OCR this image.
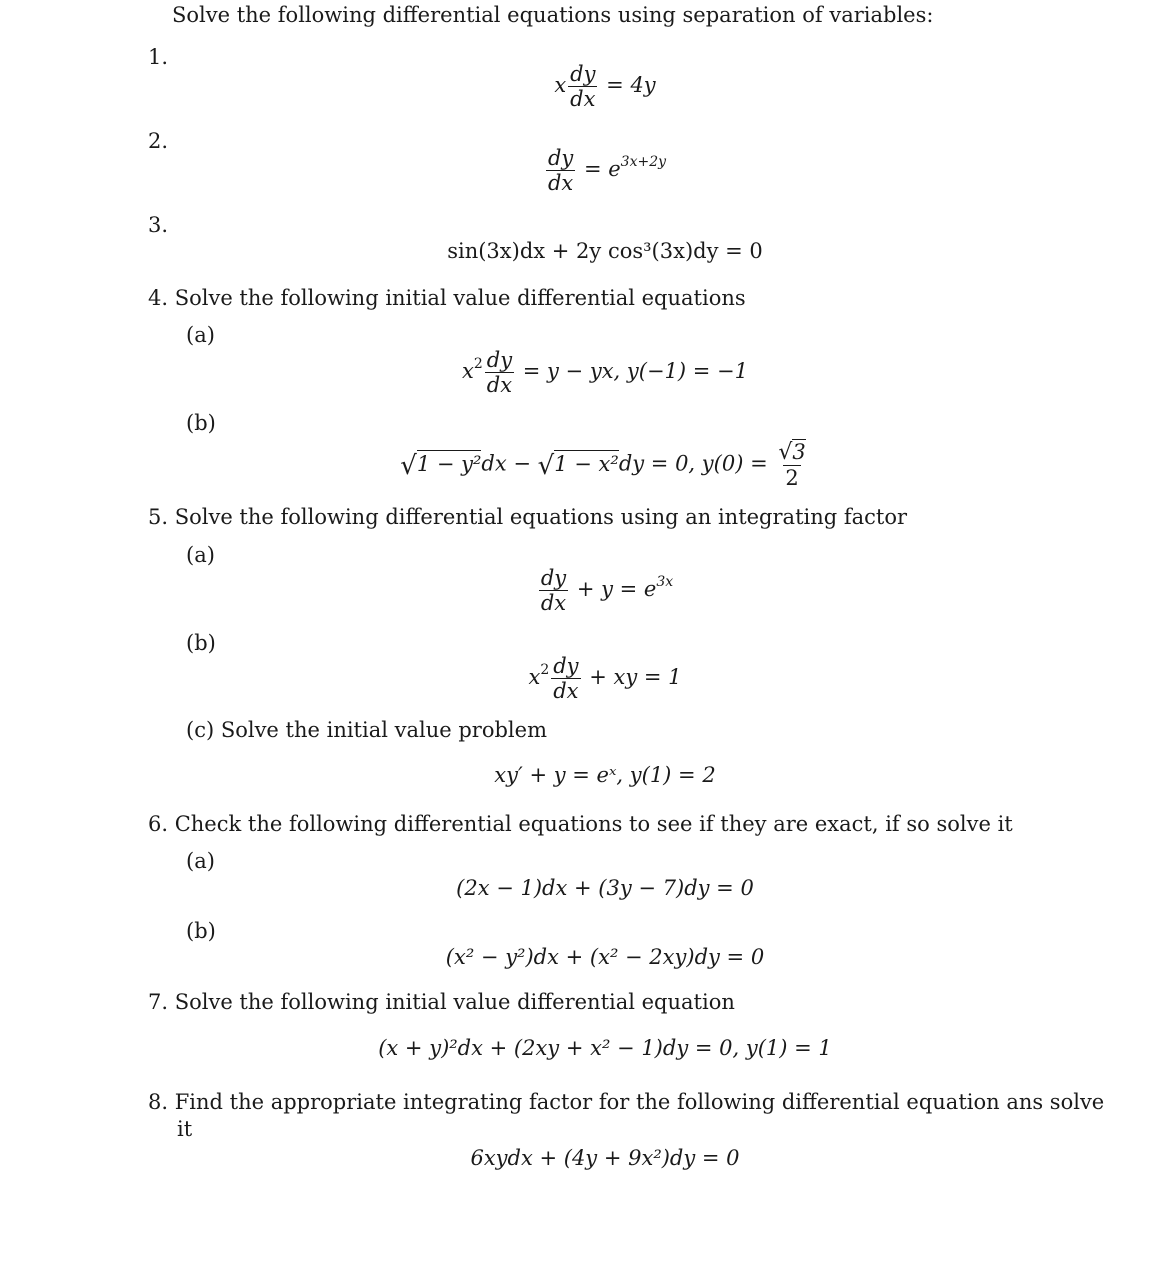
Solve the following differential equations using separation of variables:
1.
x $\frac{dy}{dx} = 4y$
2.
$\frac{dy}{dx} = e^{3x+2y}$
3.
sin(3x)dx + 2y cos³(3x)dy = 0
4. Solve the following initial value differential equations
(a)
$x^2 \frac{dy}{dx} = y$ − yx, y(−1) = −1
(b)
√1 − y²dx − √1 − x²dy = 0, $y(0) = \frac{√3}{2}$
5. Solve the following differential equations using an integrating factor
(a)
$\frac{dy}{dx} + y = e^{3x}$
(b)
$x^2 \frac{dy}{dx}$ + xy = 1
(c) Solve the initial value problem
xy′ + y = eˣ, y(1) = 2
6. Check the following differential equations to see if they are exact, if so solve it
(a)
(2x − 1)dx + (3y − 7)dy = 0
(b)
(x² − y²)dx + (x² − 2xy)dy = 0
7. Solve the following initial value differential equation
(x + y)²dx + (2xy + x² − 1)dy = 0, y(1) = 1
8. Find the appropriate integrating factor for the following differential equation ans solve
it
6xydx + (4y + 9x²)dy = 0
